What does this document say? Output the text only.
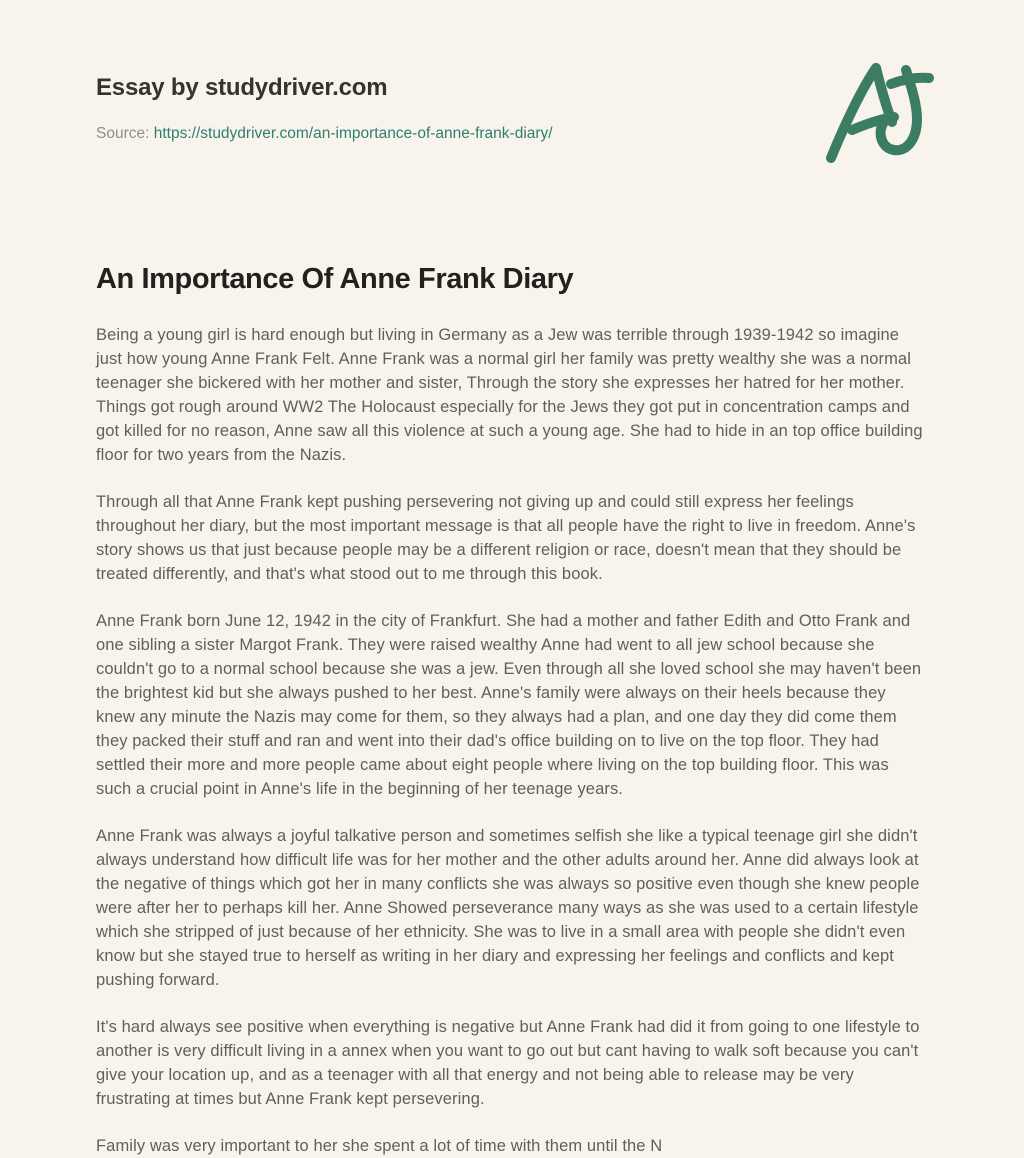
Essay by studydriver.com
Source: https://studydriver.com/an-importance-of-anne-frank-diary/
An Importance Of Anne Frank Diary

Being a young girl is hard enough but living in Germany as a Jew was terrible through 1939-1942 so imagine just how young Anne Frank Felt. Anne Frank was a normal girl her family was pretty wealthy she was a normal teenager she bickered with her mother and sister, Through the story she expresses her hatred for her mother. Things got rough around WW2 The Holocaust especially for the Jews they got put in concentration camps and got killed for no reason, Anne saw all this violence at such a young age. She had to hide in an top office building floor for two years from the Nazis.

Through all that Anne Frank kept pushing persevering not giving up and could still express her feelings throughout her diary, but the most important message is that all people have the right to live in freedom. Anne's story shows us that just because people may be a different religion or race, doesn't mean that they should be treated differently, and that's what stood out to me through this book.

Anne Frank born June 12, 1942 in the city of Frankfurt. She had a mother and father Edith and Otto Frank and one sibling a sister Margot Frank. They were raised wealthy Anne had went to all jew school because she couldn't go to a normal school because she was a jew. Even through all she loved school she may haven't been the brightest kid but she always pushed to her best. Anne's family were always on their heels because they knew any minute the Nazis may come for them, so they always had a plan, and one day they did come them they packed their stuff and ran and went into their dad's office building on to live on the top floor. They had settled their more and more people came about eight people where living on the top building floor. This was such a crucial point in Anne's life in the beginning of her teenage years.

Anne Frank was always a joyful talkative person and sometimes selfish she like a typical teenage girl she didn't always understand how difficult life was for her mother and the other adults around her. Anne did always look at the negative of things which got her in many conflicts she was always so positive even though she knew people were after her to perhaps kill her. Anne Showed perseverance many ways as she was used to a certain lifestyle which she stripped of just because of her ethnicity. She was to live in a small area with people she didn't even know but she stayed true to herself as writing in her diary and expressing her feelings and conflicts and kept pushing forward.

It's hard always see positive when everything is negative but Anne Frank had did it from going to one lifestyle to another is very difficult living in a annex when you want to go out but cant having to walk soft because you can't give your location up, and as a teenager with all that energy and not being able to release may be very frustrating at times but Anne Frank kept persevering.

Family was very important to her she spent a lot of time with them until the N
